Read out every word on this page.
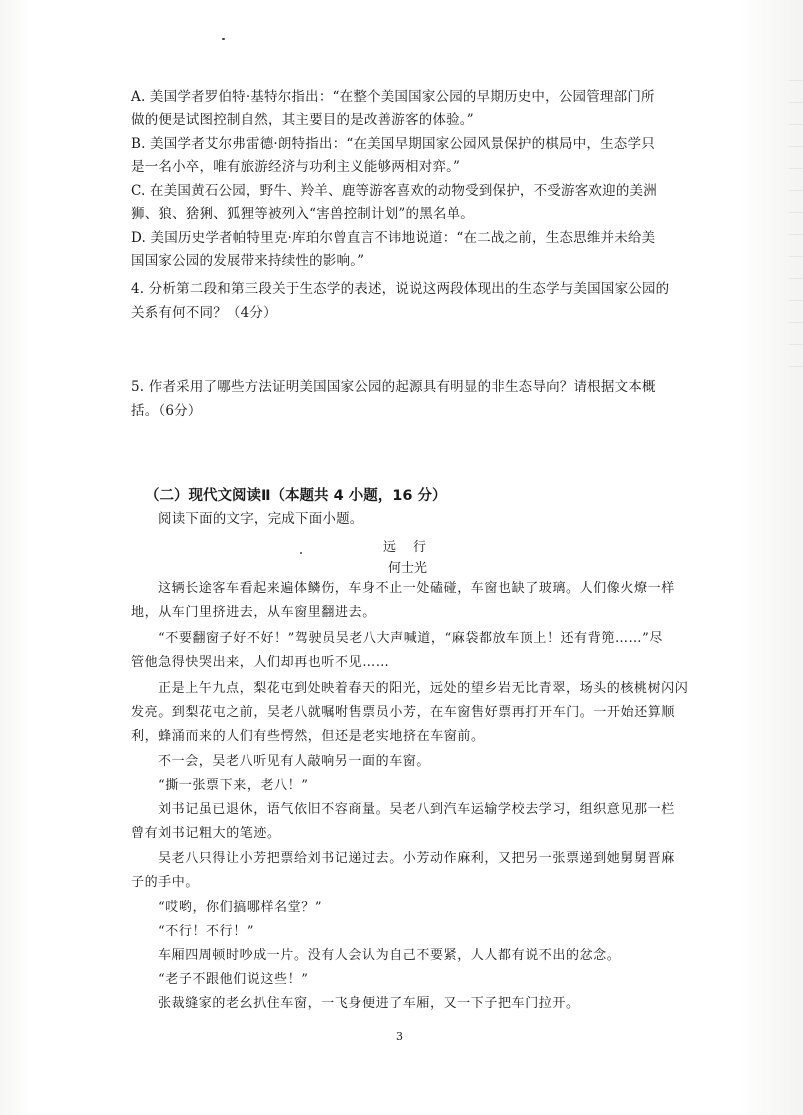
A. 美国学者罗伯特·基特尔指出：“在整个美国国家公园的早期历史中，公园管理部门所
做的便是试图控制自然，其主要目的是改善游客的体验。”
B. 美国学者艾尔弗雷德·朗特指出：“在美国早期国家公园风景保护的棋局中，生态学只
是一名小卒，唯有旅游经济与功利主义能够两相对弈。”
C. 在美国黄石公园，野牛、羚羊、鹿等游客喜欢的动物受到保护，不受游客欢迎的美洲
狮、狼、猞猁、狐狸等被列入“害兽控制计划”的黑名单。
D. 美国历史学者帕特里克·库珀尔曾直言不讳地说道：“在二战之前，生态思维并未给美
国国家公园的发展带来持续性的影响。”
4. 分析第二段和第三段关于生态学的表述，说说这两段体现出的生态学与美国国家公园的
关系有何不同？（4分）
5. 作者采用了哪些方法证明美国国家公园的起源具有明显的非生态导向？请根据文本概
括。（6分）
（二）现代文阅读Ⅱ（本题共 4 小题，16 分）
阅读下面的文字，完成下面小题。
远　行
何士光
这辆长途客车看起来遍体鳞伤，车身不止一处磕碰，车窗也缺了玻璃。人们像火燎一样
地，从车门里挤进去，从车窗里翻进去。
“不要翻窗子好不好！”驾驶员吴老八大声喊道，“麻袋都放车顶上！还有背篼……”尽
管他急得快哭出来，人们却再也听不见……
正是上午九点，梨花屯到处映着春天的阳光，远处的望乡岩无比青翠，场头的核桃树闪闪
发亮。到梨花屯之前，吴老八就嘱咐售票员小芳，在车窗售好票再打开车门。一开始还算顺
利，蜂涌而来的人们有些愕然，但还是老实地挤在车窗前。
不一会，吴老八听见有人敲响另一面的车窗。
“撕一张票下来，老八！”
刘书记虽已退休，语气依旧不容商量。吴老八到汽车运输学校去学习，组织意见那一栏
曾有刘书记粗大的笔迹。
吴老八只得让小芳把票给刘书记递过去。小芳动作麻利，又把另一张票递到她舅舅晋麻
子的手中。
“哎哟，你们搞哪样名堂？”
“不行！不行！”
车厢四周顿时吵成一片。没有人会认为自己不要紧，人人都有说不出的忿念。
“老子不跟他们说这些！”
张裁缝家的老幺扒住车窗，一飞身便进了车厢，又一下子把车门拉开。
3
